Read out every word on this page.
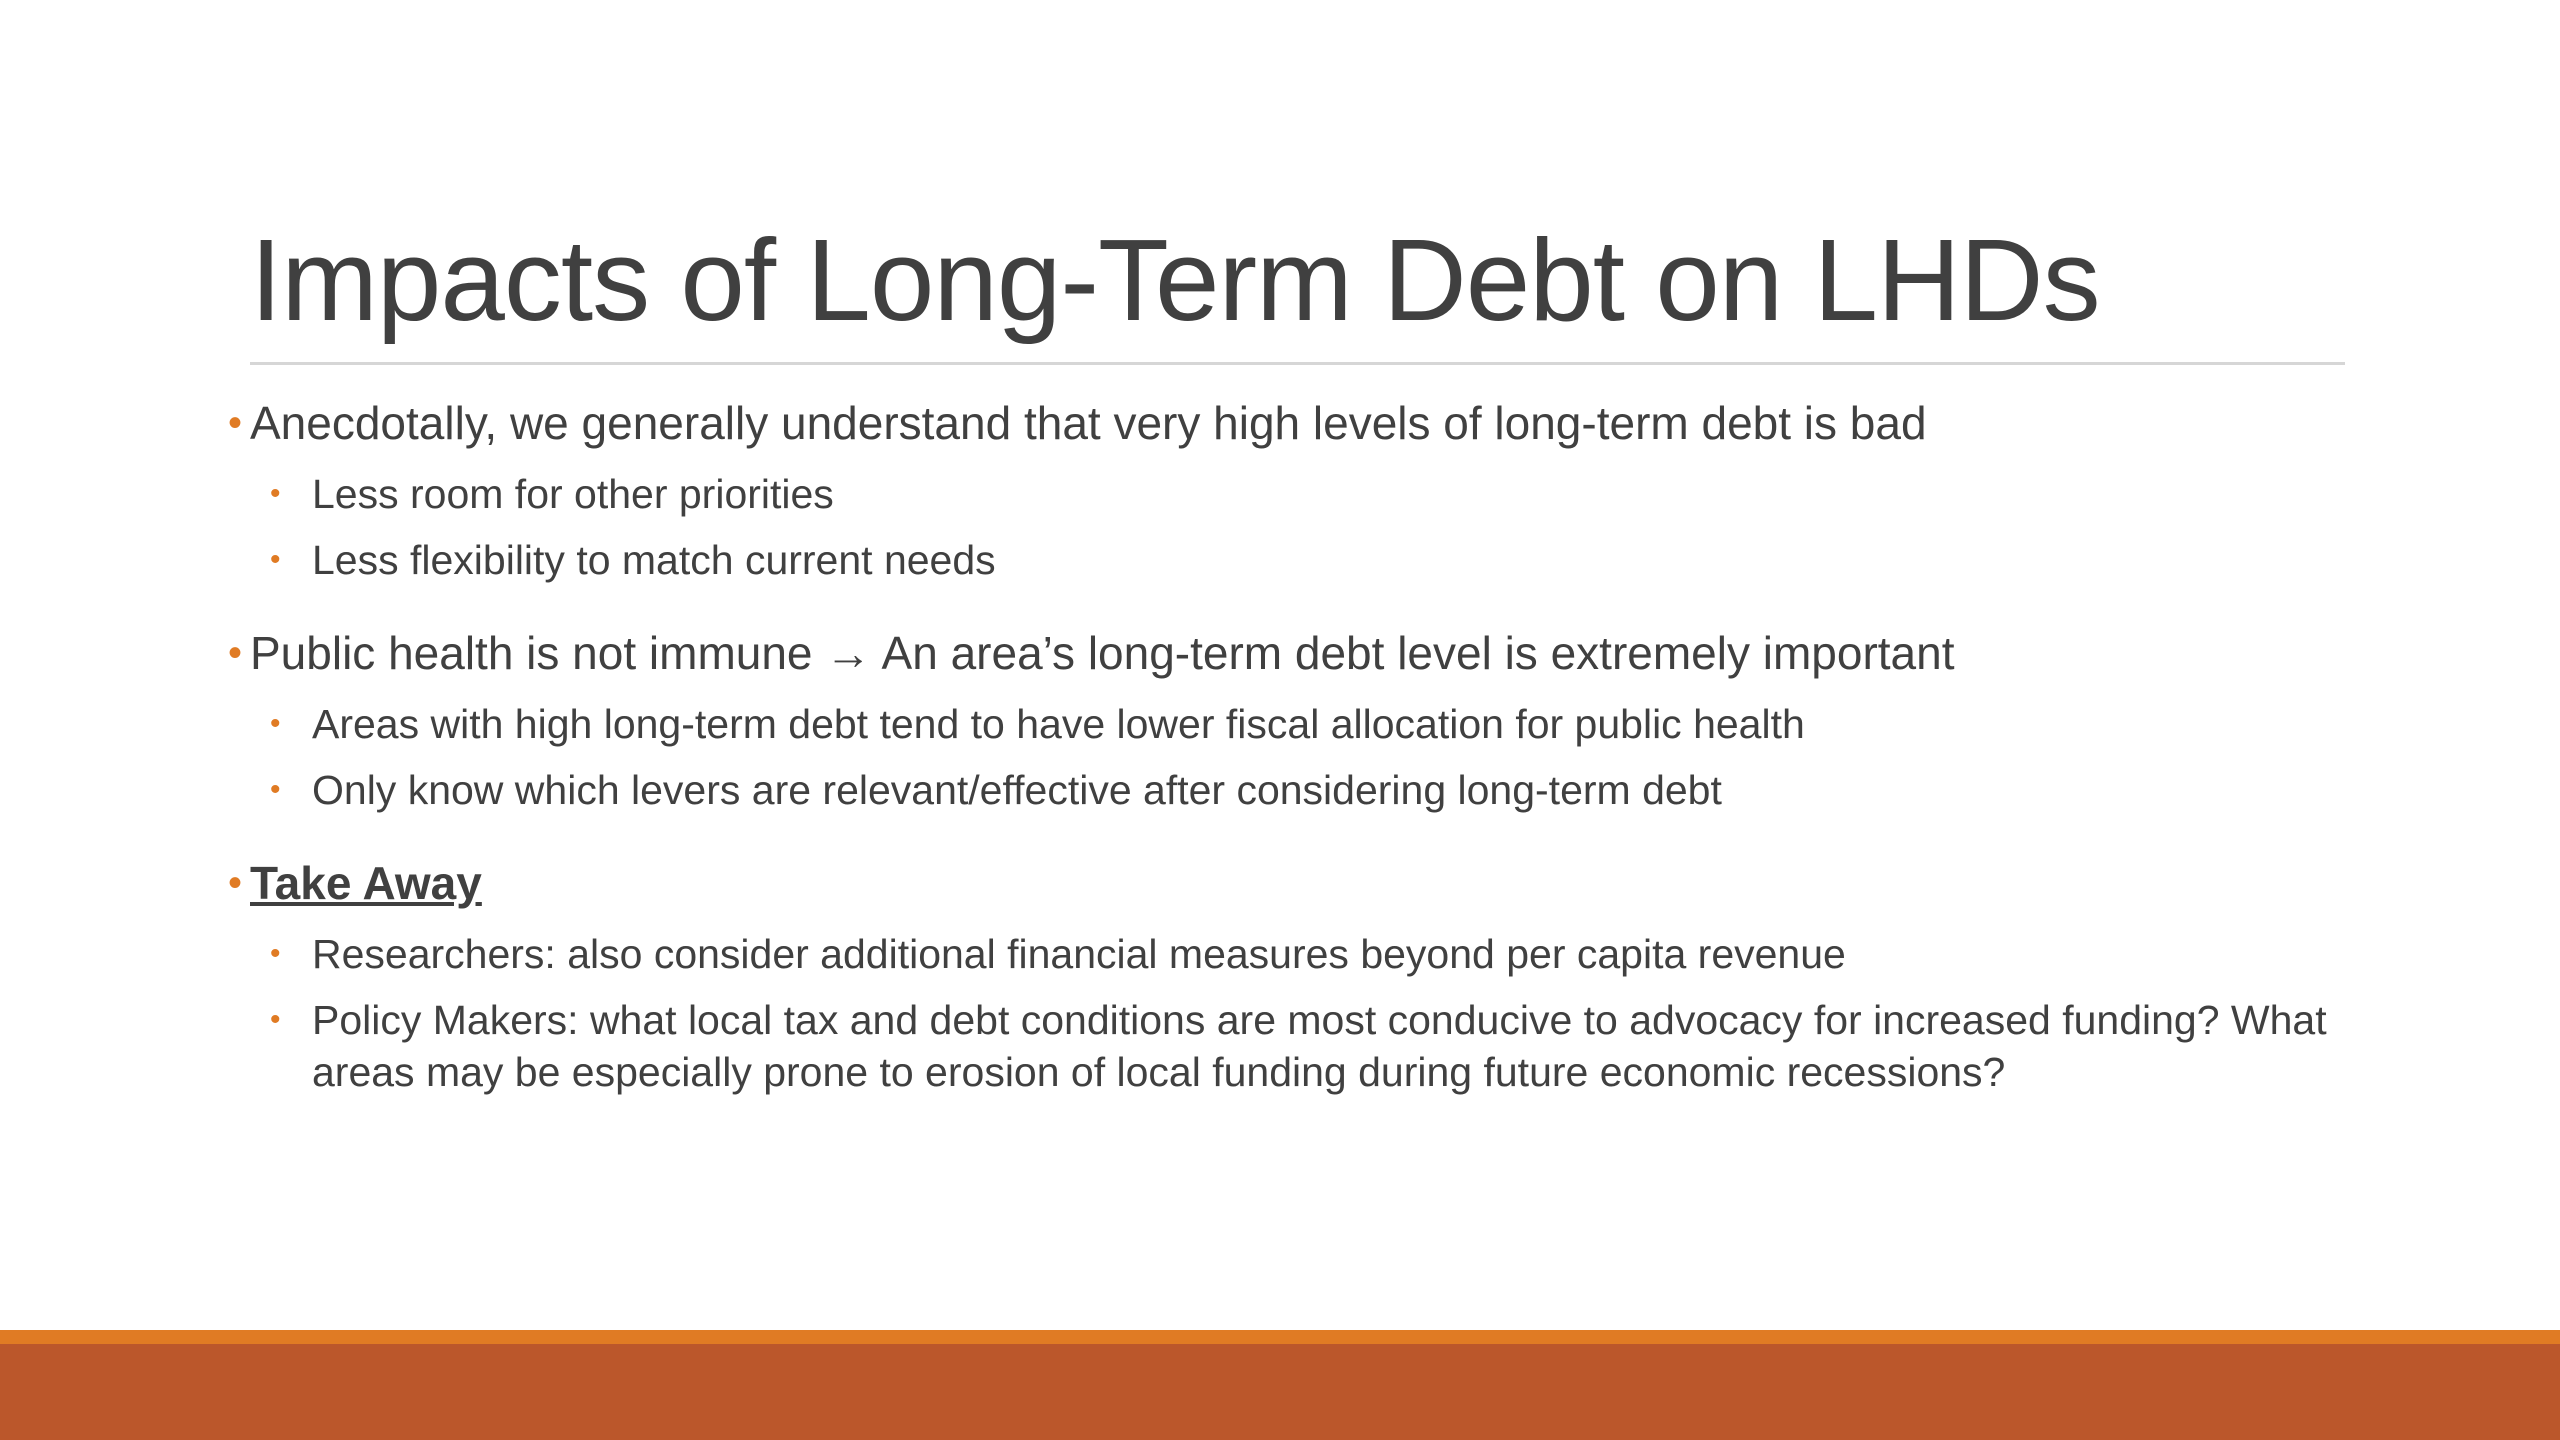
Impacts of Long-Term Debt on LHDs
• Anecdotally, we generally understand that very high levels of long-term debt is bad
• Less room for other priorities
• Less flexibility to match current needs
• Public health is not immune → An area’s long-term debt level is extremely important
• Areas with high long-term debt tend to have lower fiscal allocation for public health
• Only know which levers are relevant/effective after considering long-term debt
• Take Away
• Researchers: also consider additional financial measures beyond per capita revenue
• Policy Makers: what local tax and debt conditions are most conducive to advocacy for increased funding? What areas may be especially prone to erosion of local funding during future economic recessions?
